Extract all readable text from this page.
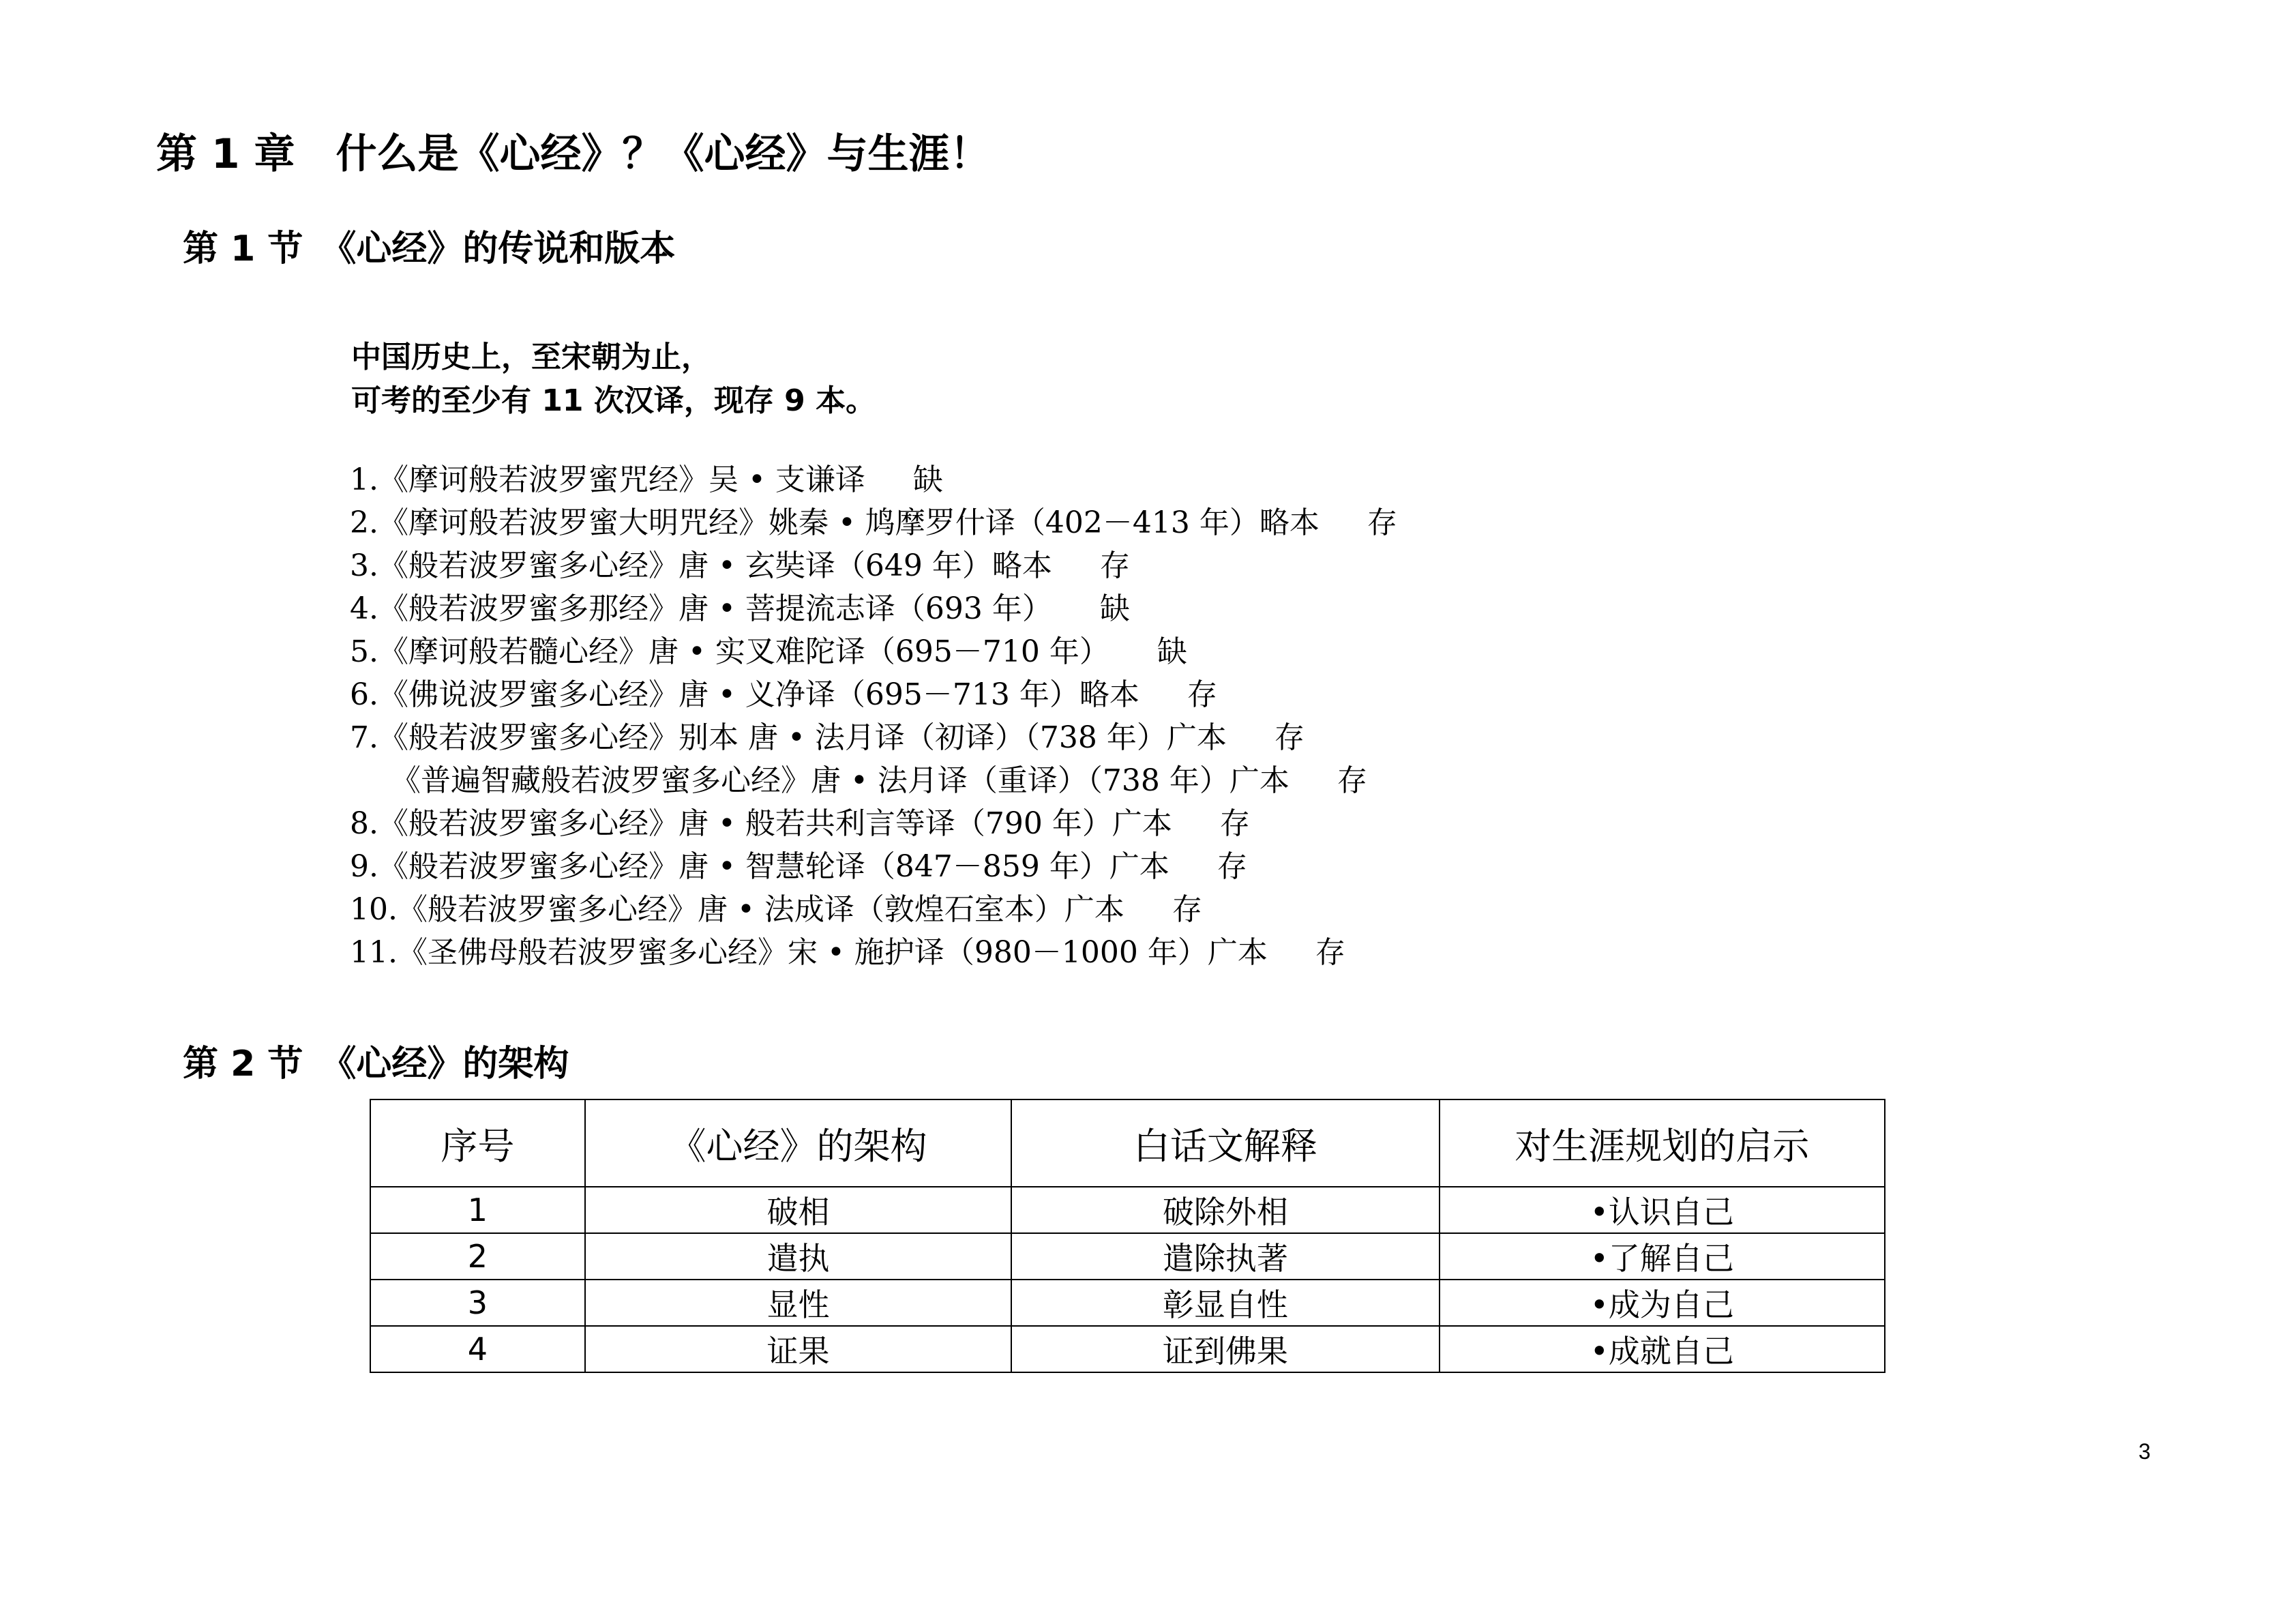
第 1 章　什么是《心经》？《心经》与生涯！
第 1 节　《心经》的传说和版本
中国历史上，至宋朝为止，
可考的至少有 11 次汉译，现存 9 本。
1.《摩诃般若波罗蜜咒经》吴 • 支谦译 缺
2.《摩诃般若波罗蜜大明咒经》姚秦 • 鸠摩罗什译（402－413 年）略本 存
3.《般若波罗蜜多心经》唐 • 玄奘译（649 年）略本 存
4.《般若波罗蜜多那经》唐 • 菩提流志译（693 年） 缺
5.《摩诃般若髓心经》唐 • 实叉难陀译（695－710 年） 缺
6.《佛说波罗蜜多心经》唐 • 义净译（695－713 年）略本 存
7.《般若波罗蜜多心经》别本 唐 • 法月译（初译）（738 年）广本 存
《普遍智藏般若波罗蜜多心经》唐 • 法月译（重译）（738 年）广本 存
8.《般若波罗蜜多心经》唐 • 般若共利言等译（790 年）广本 存
9.《般若波罗蜜多心经》唐 • 智慧轮译（847－859 年）广本 存
10.《般若波罗蜜多心经》唐 • 法成译（敦煌石室本）广本 存
11.《圣佛母般若波罗蜜多心经》宋 • 施护译（980－1000 年）广本 存
第 2 节　《心经》的架构
序号	《心经》的架构	白话文解释	对生涯规划的启示
1	破相	破除外相	•认识自己
2	遣执	遣除执著	•了解自己
3	显性	彰显自性	•成为自己
4	证果	证到佛果	•成就自己
3
